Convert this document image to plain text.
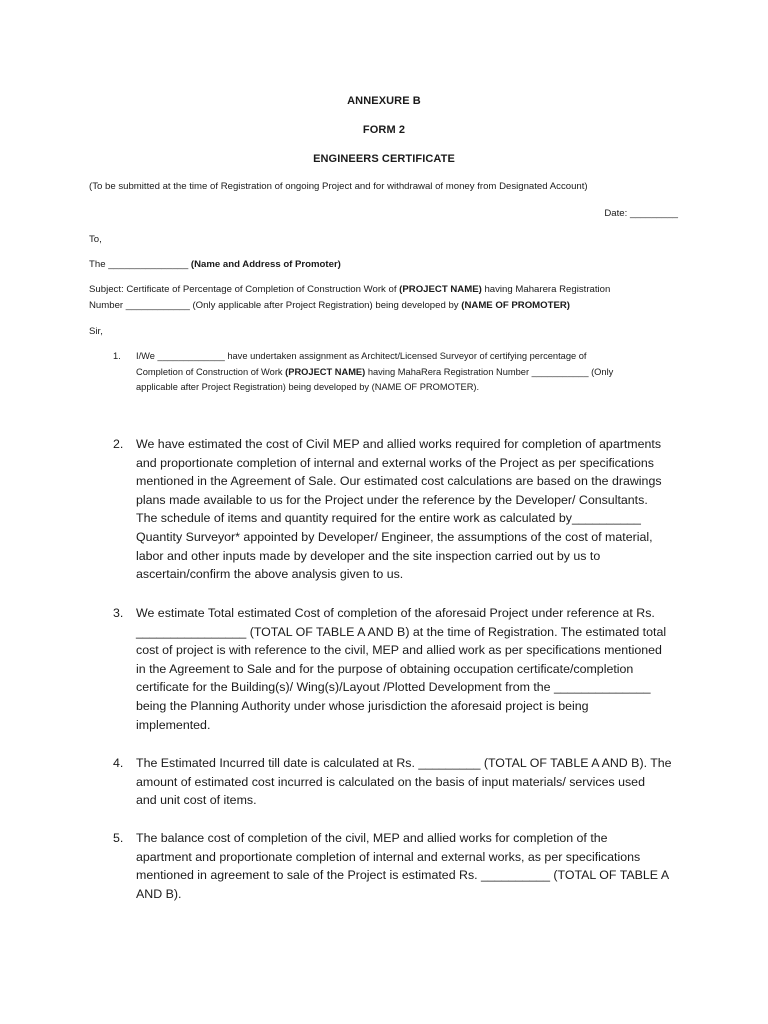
ANNEXURE B
FORM 2
ENGINEERS CERTIFICATE
(To be submitted at the time of Registration of ongoing Project and for withdrawal of money from Designated Account)
Date: _________
To,
The _______________ (Name and Address of Promoter)
Subject: Certificate of Percentage of Completion of Construction Work of (PROJECT NAME) having Maharera Registration
Number ____________ (Only applicable after Project Registration) being developed by (NAME OF PROMOTER)
Sir,
1. I/We _____________ have undertaken assignment as Architect/Licensed Surveyor of certifying percentage of
Completion of Construction of Work (PROJECT NAME) having MahaRera Registration Number ___________ (Only
applicable after Project Registration) being developed by (NAME OF PROMOTER).
2. We have estimated the cost of Civil MEP and allied works required for completion of apartments
and proportionate completion of internal and external works of the Project as per specifications
mentioned in the Agreement of Sale. Our estimated cost calculations are based on the drawings
plans made available to us for the Project under the reference by the Developer/ Consultants.
The schedule of items and quantity required for the entire work as calculated by__________
Quantity Surveyor* appointed by Developer/ Engineer, the assumptions of the cost of material,
labor and other inputs made by developer and the site inspection carried out by us to
ascertain/confirm the above analysis given to us.
3. We estimate Total estimated Cost of completion of the aforesaid Project under reference at Rs.
________________ (TOTAL OF TABLE A AND B) at the time of Registration. The estimated total
cost of project is with reference to the civil, MEP and allied work as per specifications mentioned
in the Agreement to Sale and for the purpose of obtaining occupation certificate/completion
certificate for the Building(s)/ Wing(s)/Layout /Plotted Development from the ______________
being the Planning Authority under whose jurisdiction the aforesaid project is being
implemented.
4. The Estimated Incurred till date is calculated at Rs. _________ (TOTAL OF TABLE A AND B). The
amount of estimated cost incurred is calculated on the basis of input materials/ services used
and unit cost of items.
5. The balance cost of completion of the civil, MEP and allied works for completion of the
apartment and proportionate completion of internal and external works, as per specifications
mentioned in agreement to sale of the Project is estimated Rs. __________ (TOTAL OF TABLE A
AND B).
